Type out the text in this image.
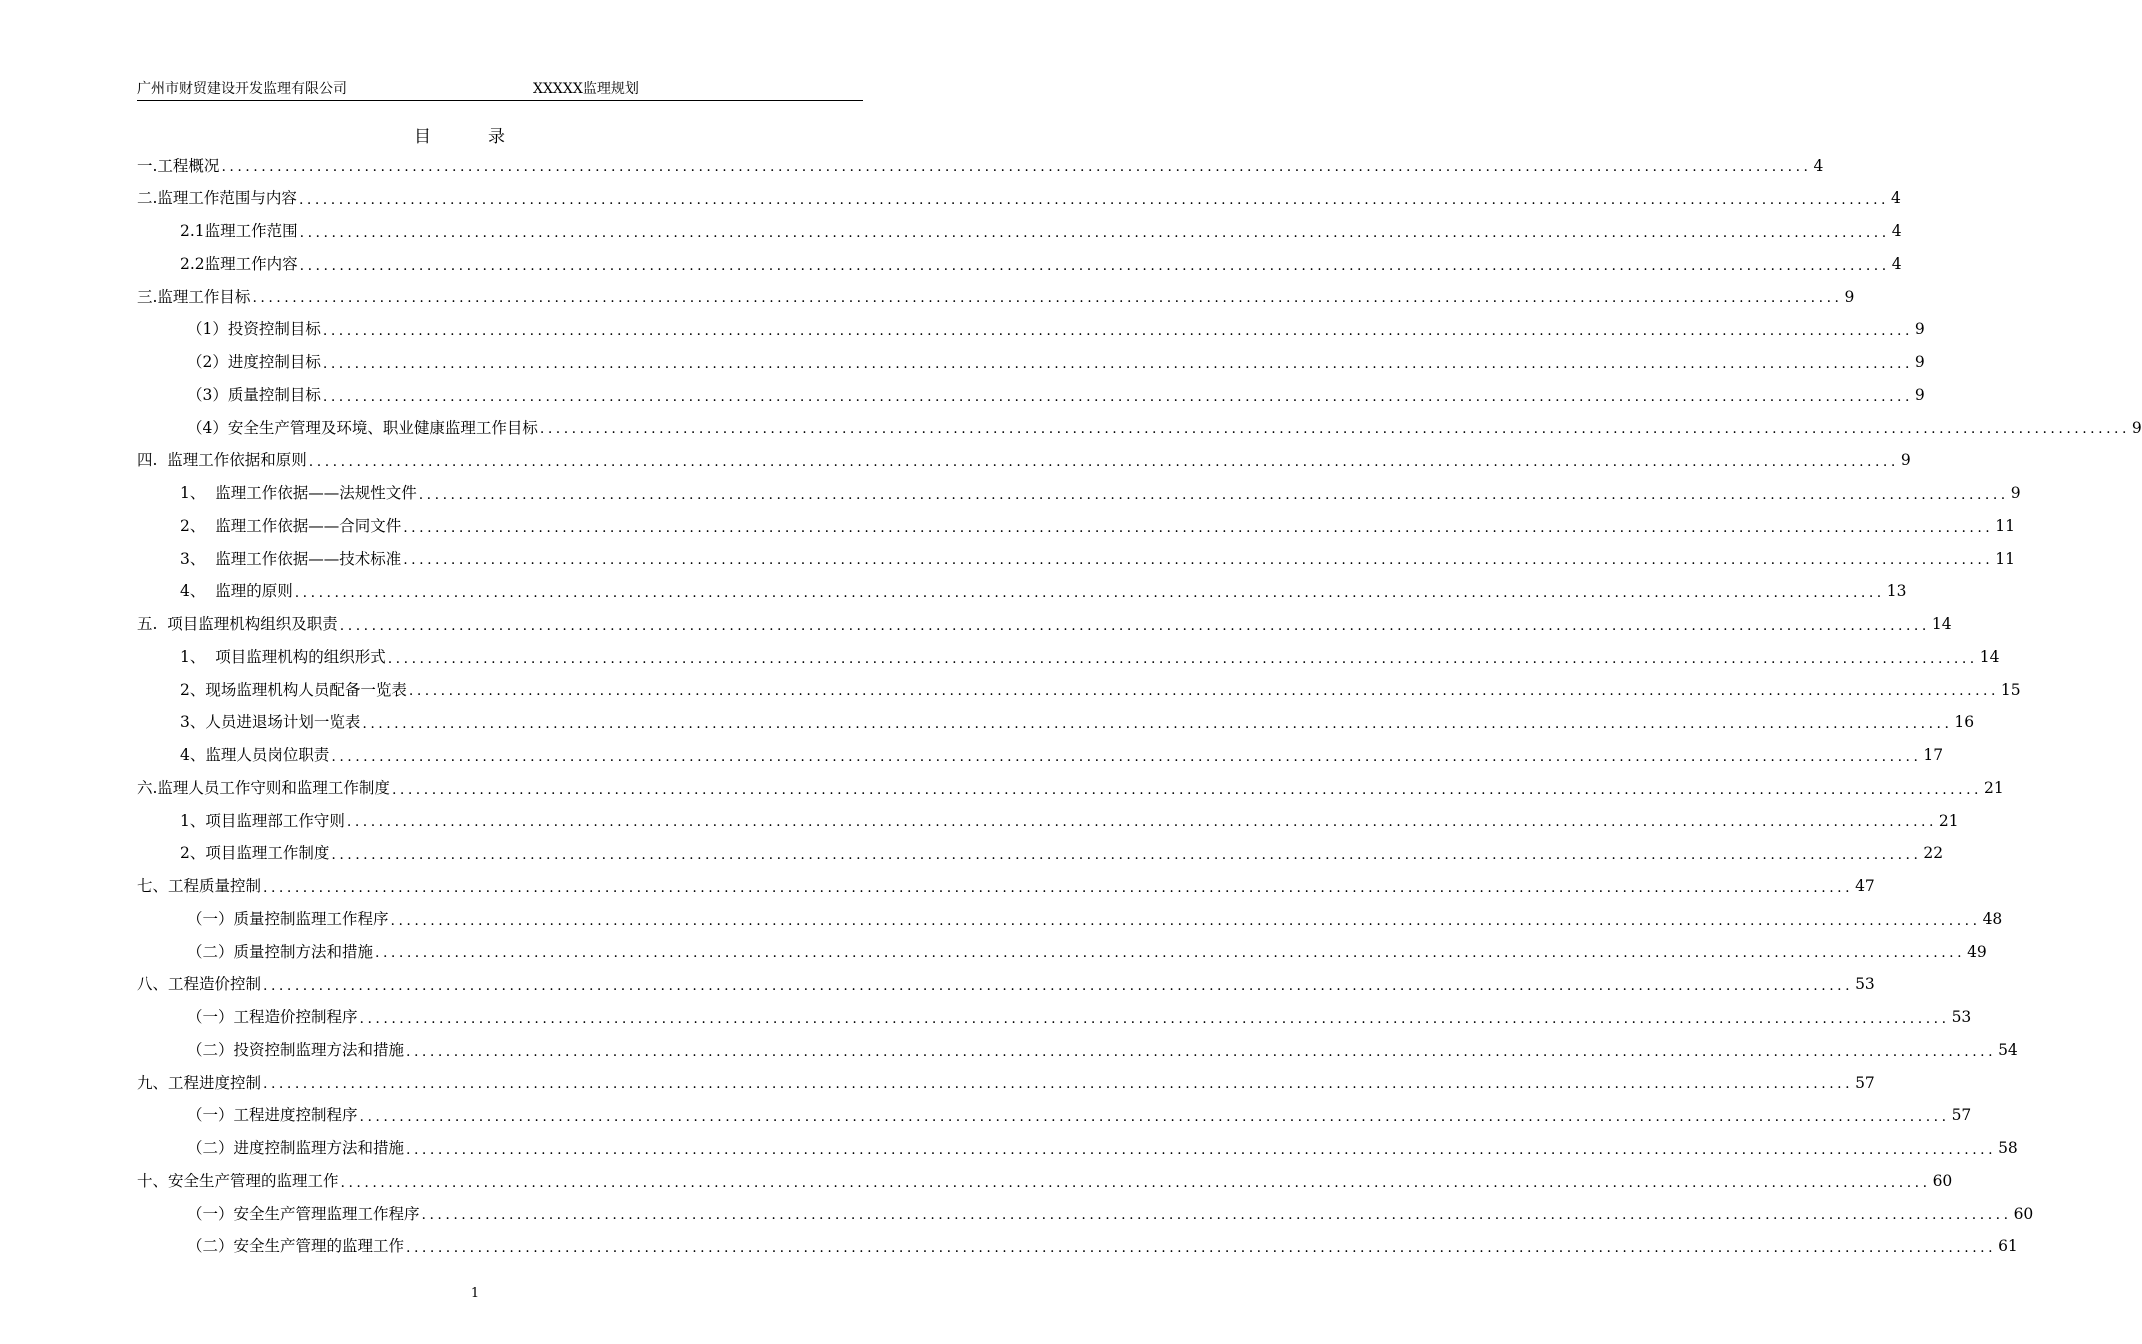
广州市财贸建设开发监理有限公司	XXXXX监理规划
目	录
一.工程概况 ........................................................................................................................................................................................................ 4
二.监理工作范围与内容 ........................................................................................................................................................................................................ 4
2.1监理工作范围 ........................................................................................................................................................................................................ 4
2.2监理工作内容 ........................................................................................................................................................................................................ 4
三.监理工作目标 ........................................................................................................................................................................................................ 9
（1）投资控制目标 ........................................................................................................................................................................................................ 9
（2）进度控制目标 ........................................................................................................................................................................................................ 9
（3）质量控制目标 ........................................................................................................................................................................................................ 9
（4）安全生产管理及环境、职业健康监理工作目标 ........................................................................................................................................................................................................ 9
四.  监理工作依据和原则 ........................................................................................................................................................................................................ 9
1、  监理工作依据——法规性文件 ........................................................................................................................................................................................................ 9
2、  监理工作依据——合同文件 ........................................................................................................................................................................................................ 11
3、  监理工作依据——技术标准 ........................................................................................................................................................................................................ 11
4、  监理的原则 ........................................................................................................................................................................................................ 13
五.  项目监理机构组织及职责 ........................................................................................................................................................................................................ 14
1、  项目监理机构的组织形式 ........................................................................................................................................................................................................ 14
2、现场监理机构人员配备一览表 ........................................................................................................................................................................................................ 15
3、人员进退场计划一览表 ........................................................................................................................................................................................................ 16
4、监理人员岗位职责 ........................................................................................................................................................................................................ 17
六.监理人员工作守则和监理工作制度 ........................................................................................................................................................................................................ 21
1、项目监理部工作守则 ........................................................................................................................................................................................................ 21
2、项目监理工作制度 ........................................................................................................................................................................................................ 22
七、工程质量控制 ........................................................................................................................................................................................................ 47
（一）质量控制监理工作程序 ........................................................................................................................................................................................................ 48
（二）质量控制方法和措施 ........................................................................................................................................................................................................ 49
八、工程造价控制 ........................................................................................................................................................................................................ 53
（一）工程造价控制程序 ........................................................................................................................................................................................................ 53
（二）投资控制监理方法和措施 ........................................................................................................................................................................................................ 54
九、工程进度控制 ........................................................................................................................................................................................................ 57
（一）工程进度控制程序 ........................................................................................................................................................................................................ 57
（二）进度控制监理方法和措施 ........................................................................................................................................................................................................ 58
十、安全生产管理的监理工作 ........................................................................................................................................................................................................ 60
（一）安全生产管理监理工作程序 ........................................................................................................................................................................................................ 60
（二）安全生产管理的监理工作 ........................................................................................................................................................................................................ 61
1
